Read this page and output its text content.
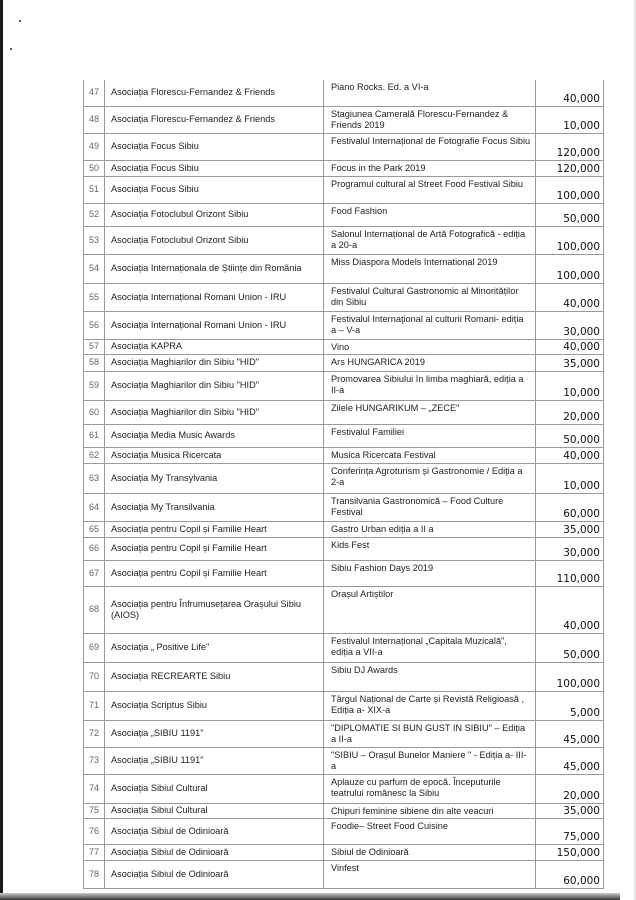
47	Asociația Florescu-Fernandez & Friends	Piano Rocks. Ed. a VI-a	40,000
48	Asociația Florescu-Fernandez & Friends	Stagiunea Camerală Florescu-Fernandez & Friends 2019	10,000
49	Asociația Focus Sibiu	Festivalul Internațional de Fotografie Focus Sibiu	120,000
50	Asociația Focus Sibiu	Focus in the Park 2019	120,000
51	Asociația Focus Sibiu	Programul cultural al Street Food Festival Sibiu	100,000
52	Asociația Fotoclubul Orizont Sibiu	Food Fashion	50,000
53	Asociația Fotoclubul Orizont Sibiu	Salonul Internațional de Artă Fotografică - ediția a 20-a	100,000
54	Asociația Internaționala de Științe din România	Miss Diaspora Models International 2019	100,000
55	Asociația Internațional Romani Union - IRU	Festivalul Cultural Gastronomic al Minorităților din Sibiu	40,000
56	Asociația Internațional Romani Union - IRU	Festivalul Internaţional al culturii Romani- ediția a – V-a	30,000
57	Asociația KAPRA	Vino	40,000
58	Asociația Maghiarilor din Sibiu "HID"	Ars HUNGARICA 2019	35,000
59	Asociația Maghiarilor din Sibiu "HID"	Promovarea Sibiului în limba maghiară, ediția a II-a	10,000
60	Asociația Maghiarilor din Sibiu "HID"	Zilele HUNGARIKUM – „ZECE"	20,000
61	Asociația Media Music Awards	Festivalul Familiei	50,000
62	Asociația Musica Ricercata	Musica Ricercata Festival	40,000
63	Asociația My Transylvania	Conferința Agroturism și Gastronomie / Ediția a 2-a	10,000
64	Asociația My Transilvania	Transilvania Gastronomică – Food Culture Festival	60,000
65	Asociația pentru Copil și Familie Heart	Gastro Urban ediția a II a	35,000
66	Asociația pentru Copil și Familie Heart	Kids Fest	30,000
67	Asociația pentru Copil și Familie Heart	Sibiu Fashion Days 2019	110,000
68	Asociația pentru Înfrumusețarea Orașului Sibiu (AIOS)	Orașul Artiștilor	40,000
69	Asociația „ Positive Life"	Festivalul Internațional „Capitala Muzicală", ediția a VII-a	50,000
70	Asociația RECREARTE Sibiu	Sibiu DJ Awards	100,000
71	Asociația Scriptus Sibiu	Târgul Național de Carte și Revistă Religioasă , Ediția a- XIX-a	5,000
72	Asociația „SIBIU 1191"	"DIPLOMATIE SI BUN GUST IN SIBIU" – Ediția a II-a	45,000
73	Asociația „SIBIU 1191"	"SIBIU – Orașul Bunelor Maniere " - Ediția a- III-a	45,000
74	Asociația Sibiul Cultural	Aplauze cu parfum de epocă. Începuturile teatrului românesc la Sibiu	20,000
75	Asociația Sibiul Cultural	Chipuri feminine sibiene din alte veacuri	35,000
76	Asociația Sibiul de Odinioară	Foodie– Street Food Cuisine	75,000
77	Asociația Sibiul de Odinioară	Sibiul de Odinioară	150,000
78	Asociația Sibiul de Odinioară	Vinfest	60,000
